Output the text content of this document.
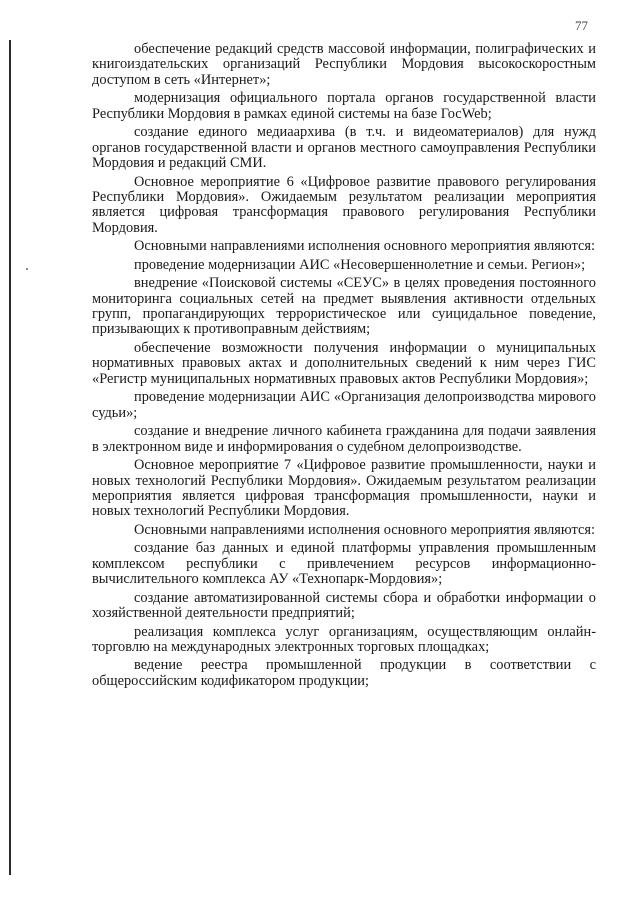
77

обеспечение редакций средств массовой информации, полиграфических и книгоиздательских организаций Республики Мордовия высокоскоростным доступом в сеть «Интернет»;

модернизация официального портала органов государственной власти Республики Мордовия в рамках единой системы на базе ГосWeb;

создание единого медиаархива (в т.ч. и видеоматериалов) для нужд органов государственной власти и органов местного самоуправления Республики Мордовия и редакций СМИ.

Основное мероприятие 6 «Цифровое развитие правового регулирования Республики Мордовия». Ожидаемым результатом реализации мероприятия является цифровая трансформация правового регулирования Республики Мордовия.

Основными направлениями исполнения основного мероприятия являются:

проведение модернизации АИС «Несовершеннолетние и семьи. Регион»;

внедрение «Поисковой системы «СЕУС» в целях проведения постоянного мониторинга социальных сетей на предмет выявления активности отдельных групп, пропагандирующих террористическое или суицидальное поведение, призывающих к противоправным действиям;

обеспечение возможности получения информации о муниципальных нормативных правовых актах и дополнительных сведений к ним через ГИС «Регистр муниципальных нормативных правовых актов Республики Мордовия»;

проведение модернизации АИС «Организация делопроизводства мирового судьи»;

создание и внедрение личного кабинета гражданина для подачи заявления в электронном виде и информирования о судебном делопроизводстве.

Основное мероприятие 7 «Цифровое развитие промышленности, науки и новых технологий Республики Мордовия». Ожидаемым результатом реализации мероприятия является цифровая трансформация промышленности, науки и новых технологий Республики Мордовия.

Основными направлениями исполнения основного мероприятия являются:

создание баз данных и единой платформы управления промышленным комплексом республики с привлечением ресурсов информационно-вычислительного комплекса АУ «Технопарк-Мордовия»;

создание автоматизированной системы сбора и обработки информации о хозяйственной деятельности предприятий;

реализация комплекса услуг организациям, осуществляющим онлайн-торговлю на международных электронных торговых площадках;

ведение реестра промышленной продукции в соответствии с общероссийским кодификатором продукции;
